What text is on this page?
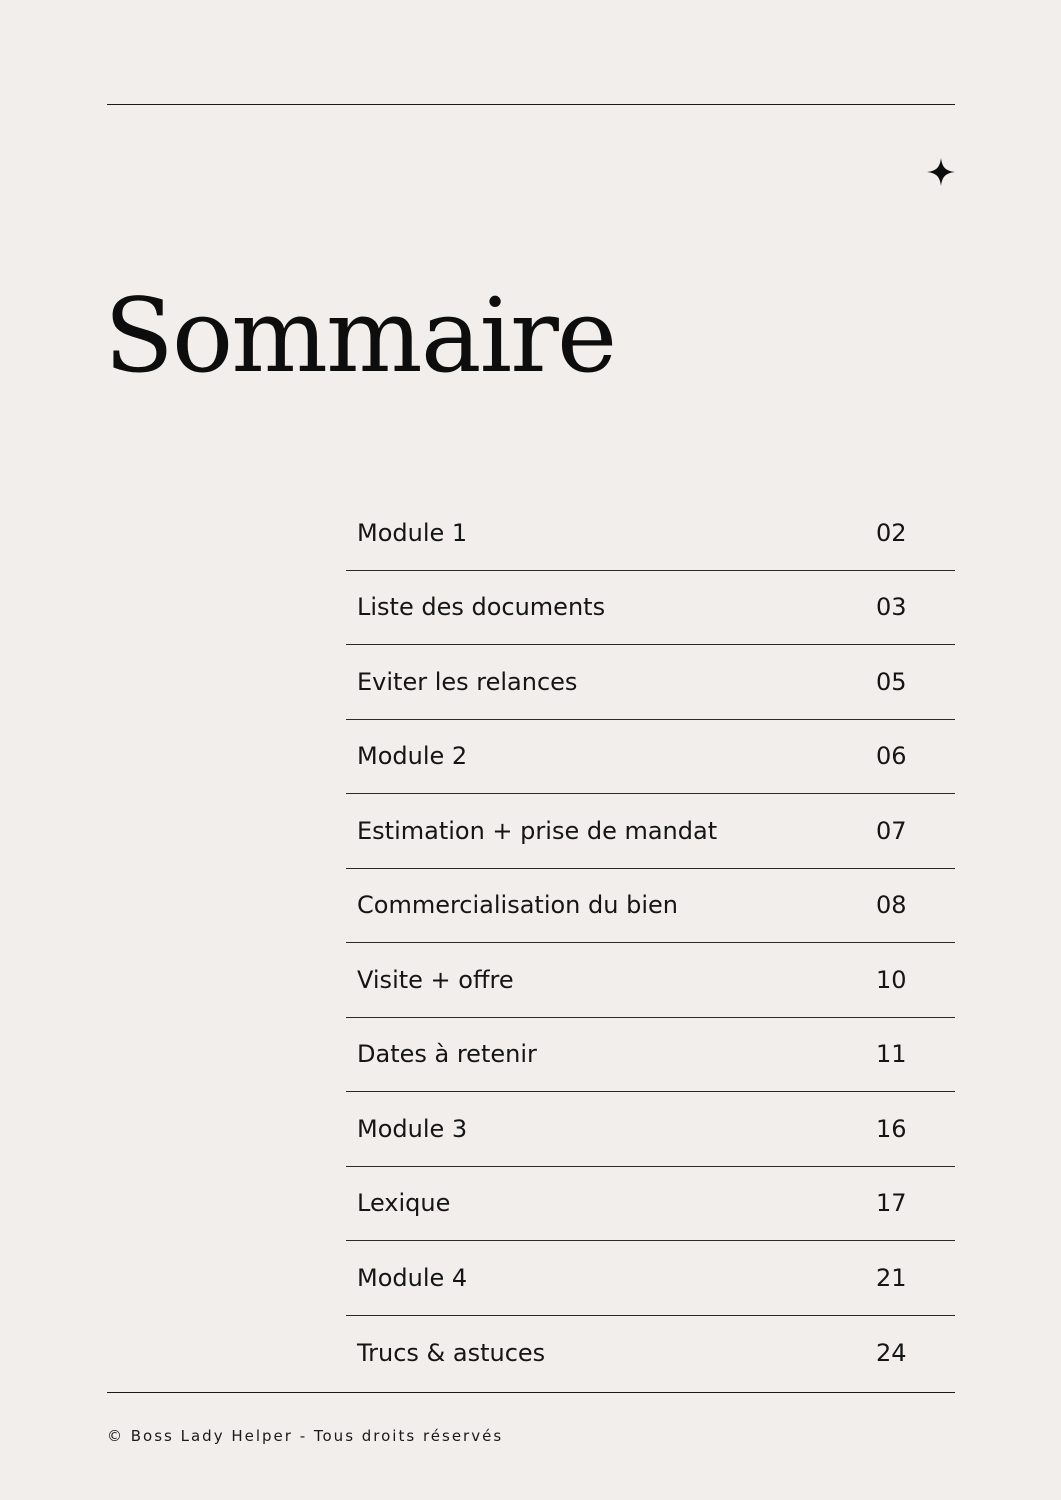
Sommaire
Module 1	02
Liste des documents	03
Eviter les relances	05
Module 2	06
Estimation + prise de mandat	07
Commercialisation du bien	08
Visite + offre	10
Dates à retenir	11
Module 3	16
Lexique	17
Module 4	21
Trucs & astuces	24
© Boss Lady Helper - Tous droits réservés
